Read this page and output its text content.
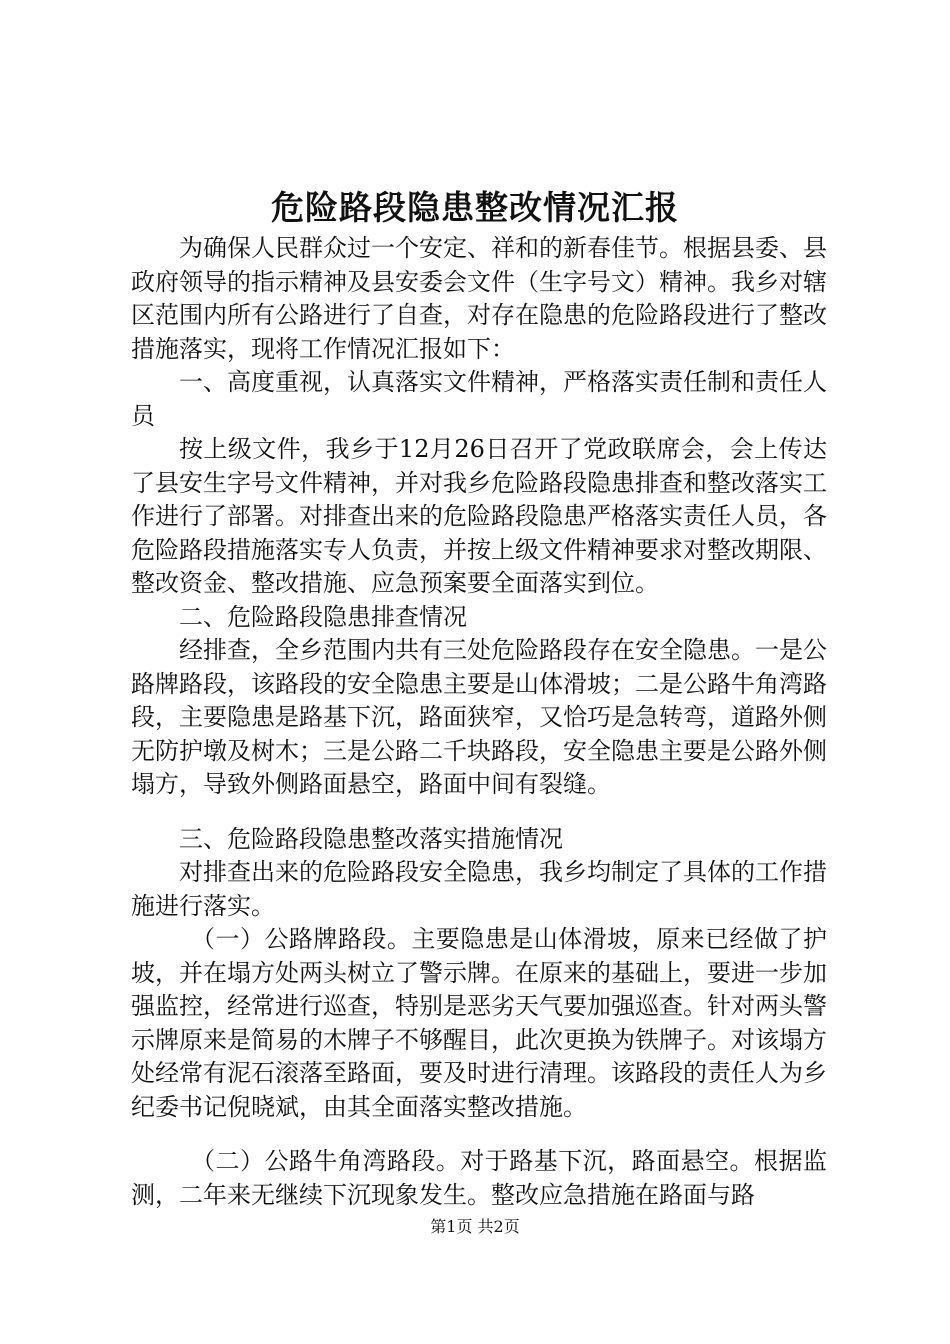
危险路段隐患整改情况汇报

为确保人民群众过一个安定、祥和的新春佳节。根据县委、县政府领导的指示精神及县安委会文件（生字号文）精神。我乡对辖区范围内所有公路进行了自查，对存在隐患的危险路段进行了整改措施落实，现将工作情况汇报如下：

一、高度重视，认真落实文件精神，严格落实责任制和责任人员

按上级文件，我乡于12月26日召开了党政联席会，会上传达了县安生字号文件精神，并对我乡危险路段隐患排查和整改落实工作进行了部署。对排查出来的危险路段隐患严格落实责任人员，各危险路段措施落实专人负责，并按上级文件精神要求对整改期限、整改资金、整改措施、应急预案要全面落实到位。

二、危险路段隐患排查情况

经排查，全乡范围内共有三处危险路段存在安全隐患。一是公路牌路段，该路段的安全隐患主要是山体滑坡；二是公路牛角湾路段，主要隐患是路基下沉，路面狭窄，又恰巧是急转弯，道路外侧无防护墩及树木；三是公路二千块路段，安全隐患主要是公路外侧塌方，导致外侧路面悬空，路面中间有裂缝。

三、危险路段隐患整改落实措施情况

对排查出来的危险路段安全隐患，我乡均制定了具体的工作措施进行落实。

（一）公路牌路段。主要隐患是山体滑坡，原来已经做了护坡，并在塌方处两头树立了警示牌。在原来的基础上，要进一步加强监控，经常进行巡查，特别是恶劣天气要加强巡查。针对两头警示牌原来是简易的木牌子不够醒目，此次更换为铁牌子。对该塌方处经常有泥石滚落至路面，要及时进行清理。该路段的责任人为乡纪委书记倪晓斌，由其全面落实整改措施。

（二）公路牛角湾路段。对于路基下沉，路面悬空。根据监测，二年来无继续下沉现象发生。整改应急措施在路面与路

第1页 共2页
